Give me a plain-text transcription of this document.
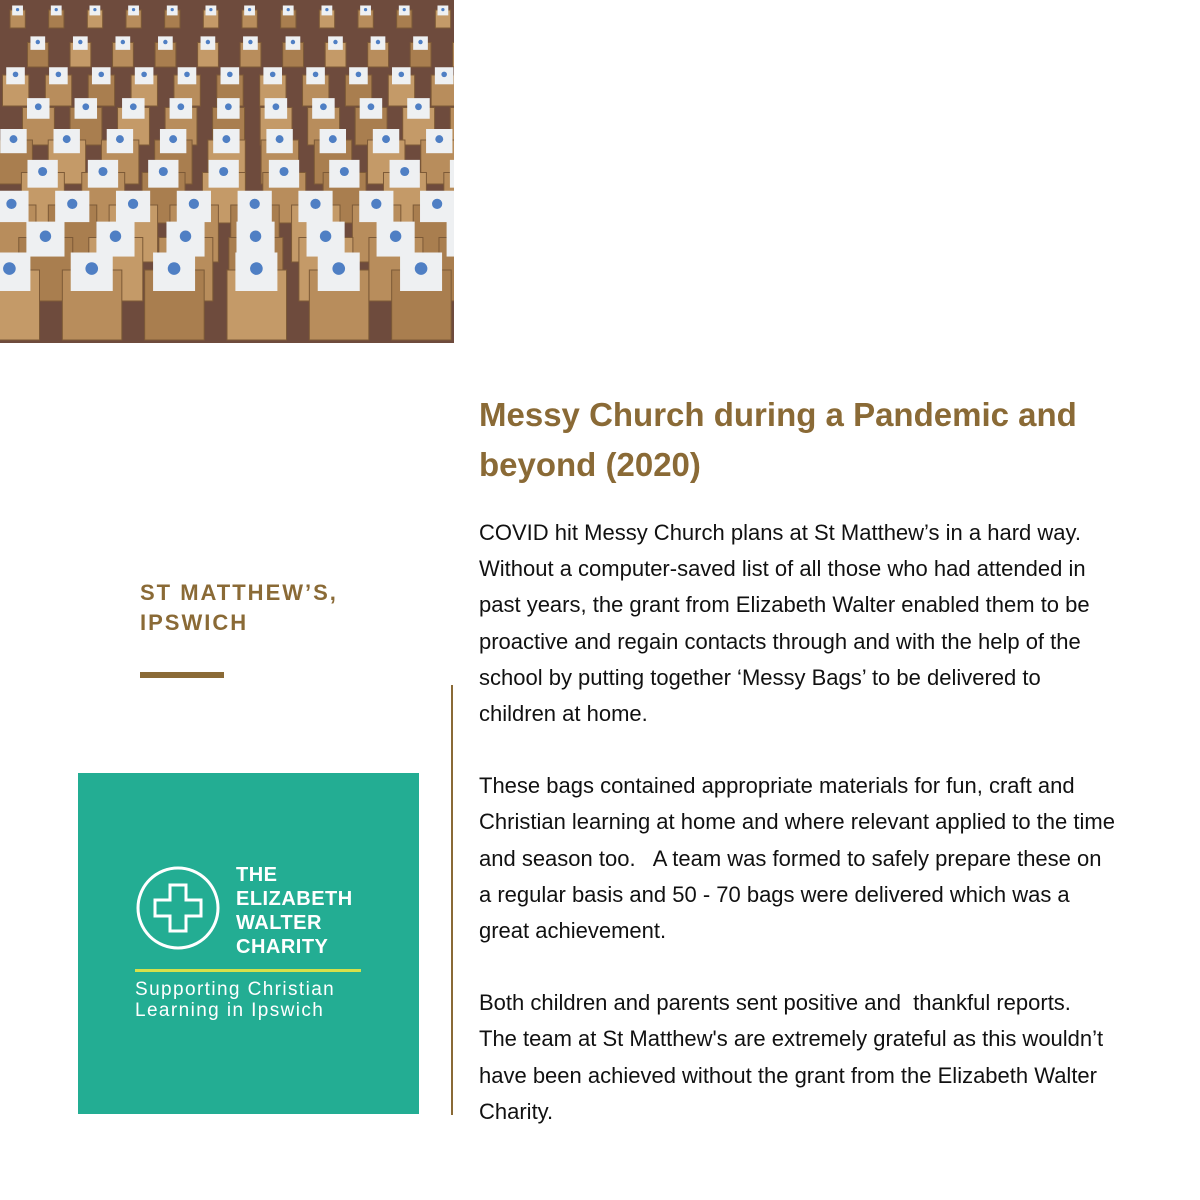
ST MATTHEW’S,
IPSWICH
THE
ELIZABETH
WALTER
CHARITY
Supporting Christian
Learning in Ipswich
Messy Church during a Pandemic and beyond (2020)

COVID hit Messy Church plans at St Matthew’s in a hard way.   Without a computer-saved list of all those who had attended in past years, the grant from Elizabeth Walter enabled them to be proactive and regain contacts through and with the help of the school by putting together ‘Messy Bags’ to be delivered to children at home.

These bags contained appropriate materials for fun, craft and Christian learning at home and where relevant applied to the time and season too.   A team was formed to safely prepare these on a regular basis and 50 - 70 bags were delivered which was a great achievement.

Both children and parents sent positive and  thankful reports.  The team at St Matthew's are extremely grateful as this wouldn’t have been achieved without the grant from the Elizabeth Walter Charity.
